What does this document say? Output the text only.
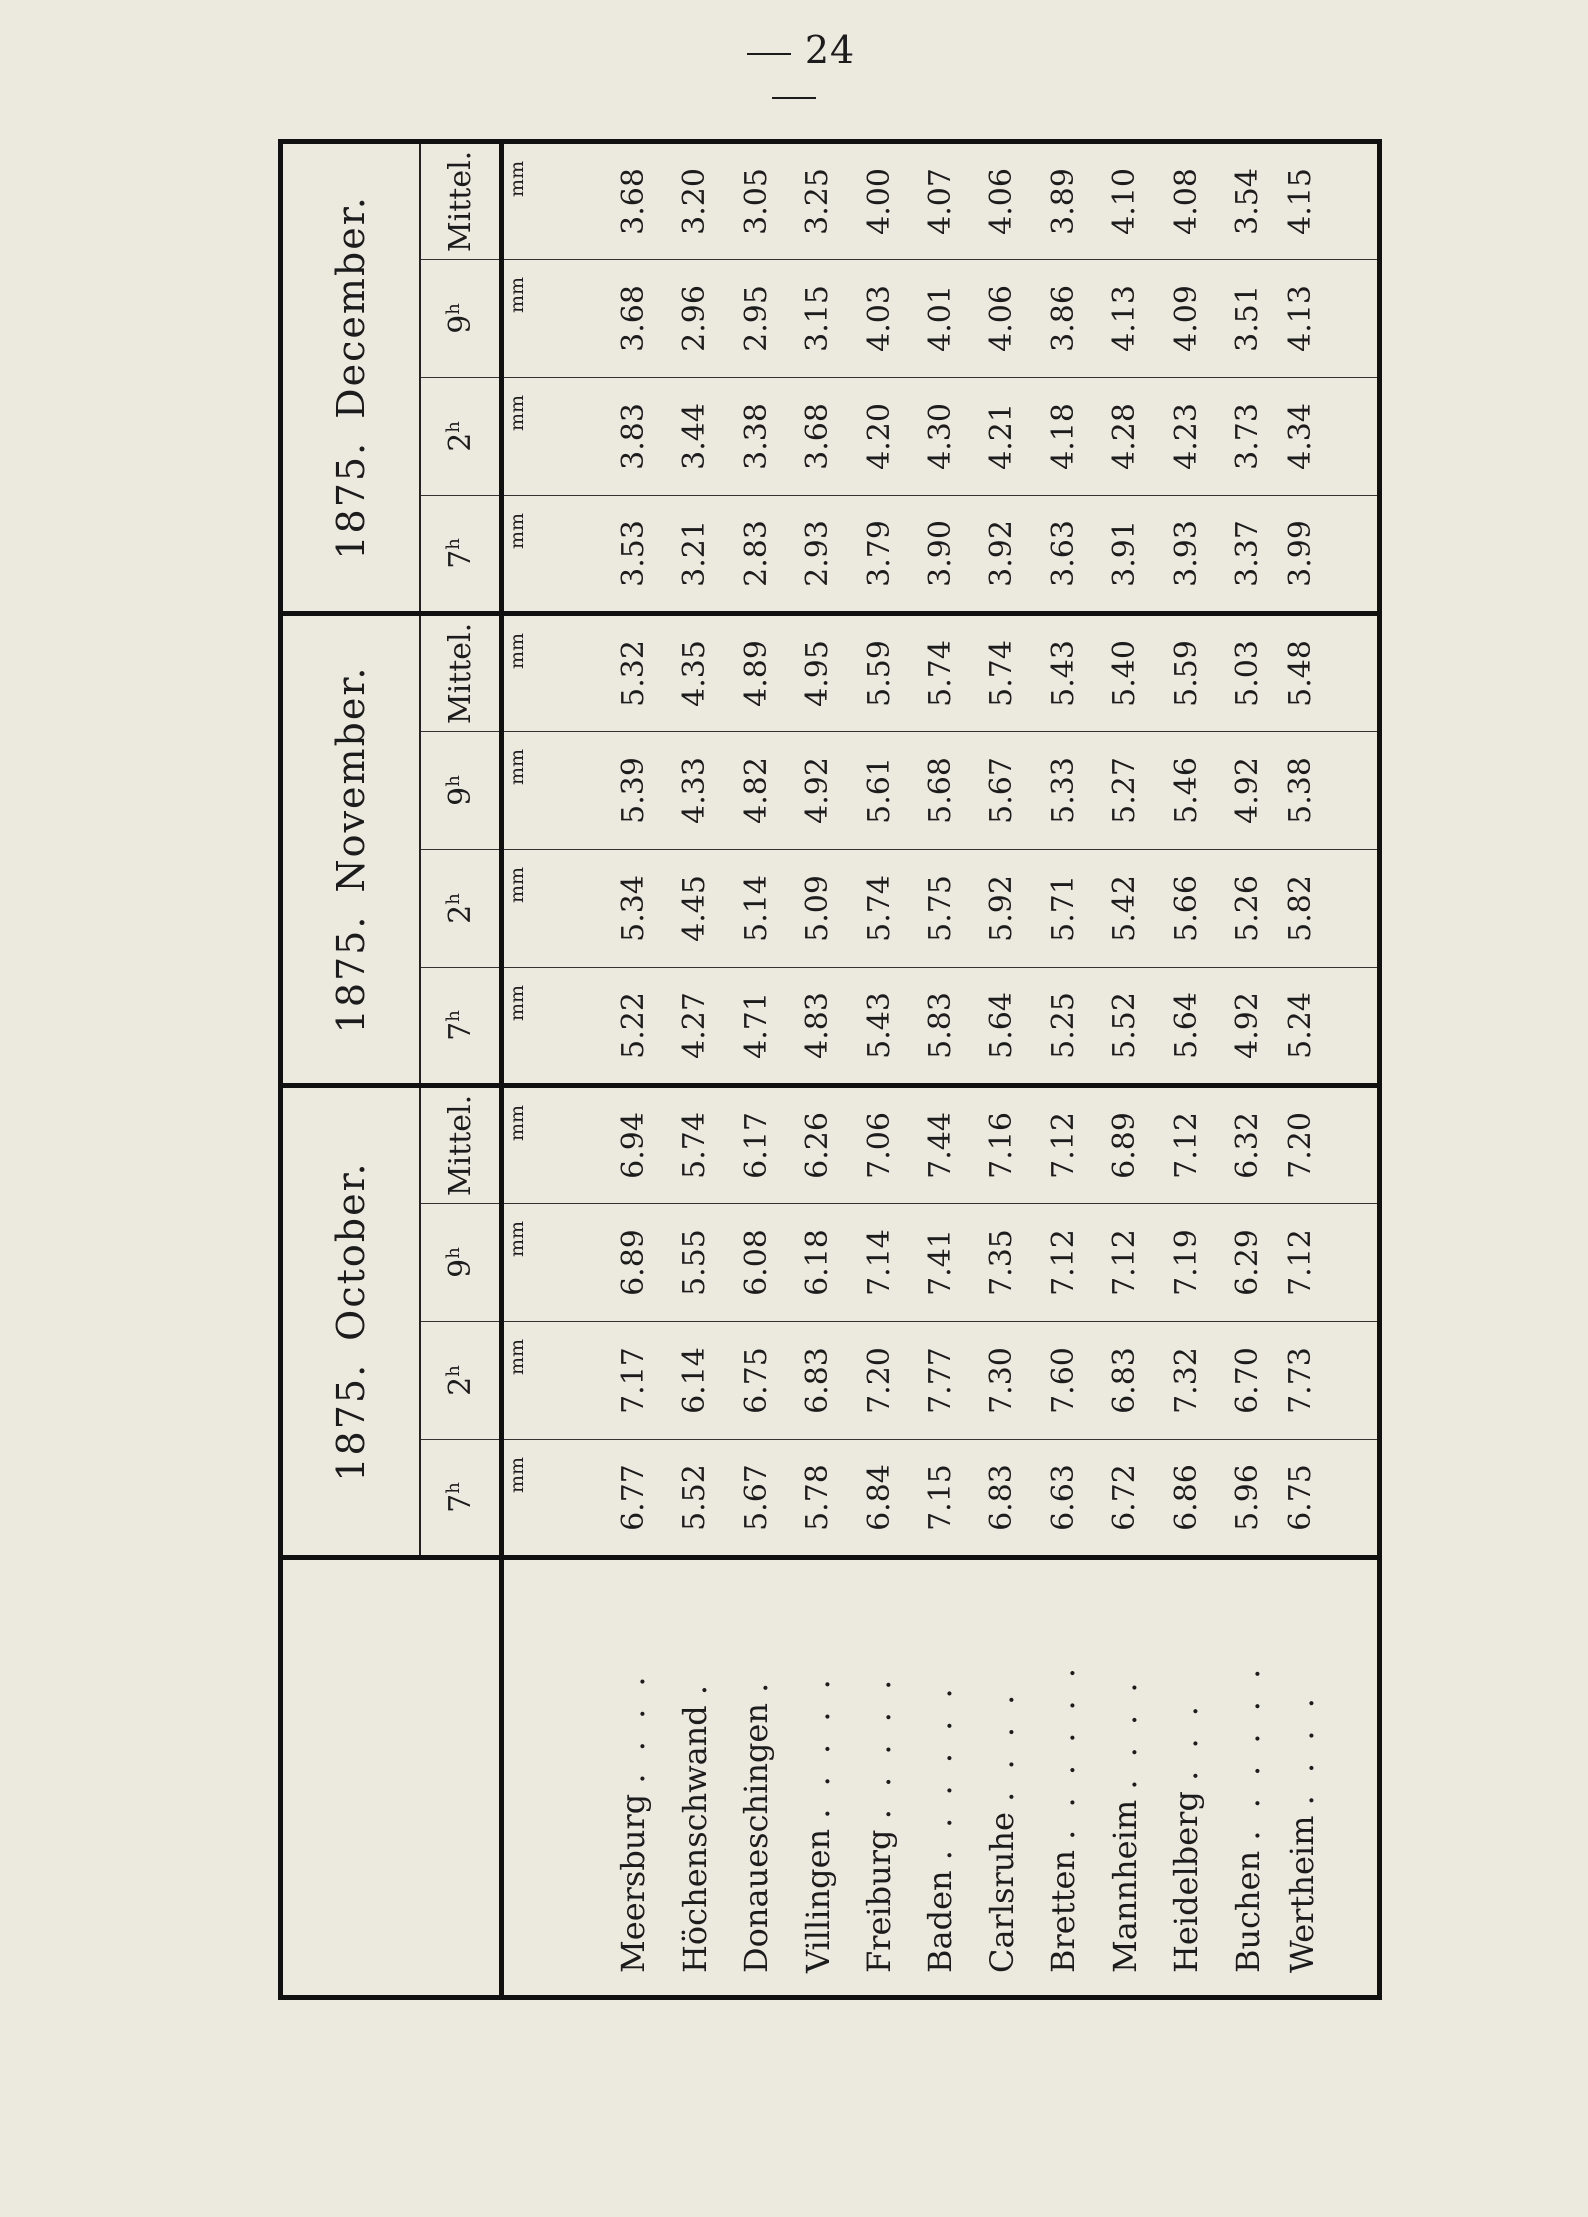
24
	1875.October.				1875.November.				1875.December.			
	7$^h$	2$^h$	9$^h$	Mittel.	7$^h$	2$^h$	9$^h$	Mittel.	7$^h$	2$^h$	9$^h$	Mittel.
	mm	mm	mm	mm	mm	mm	mm	mm	mm	mm	mm	mm
Meersburg . . . .	6.77	7.17	6.89	6.94	5.22	5.34	5.39	5.32	3.53	3.83	3.68	3.68
Höchenschwand .	5.52	6.14	5.55	5.74	4.27	4.45	4.33	4.35	3.21	3.44	2.96	3.20
Donaueschingen .	5.67	6.75	6.08	6.17	4.71	5.14	4.82	4.89	2.83	3.38	2.95	3.05
Villingen . . . . .	5.78	6.83	6.18	6.26	4.83	5.09	4.92	4.95	2.93	3.68	3.15	3.25
Freiburg . . . . .	6.84	7.20	7.14	7.06	5.43	5.74	5.61	5.59	3.79	4.20	4.03	4.00
Baden . . . . . .	7.15	7.77	7.41	7.44	5.83	5.75	5.68	5.74	3.90	4.30	4.01	4.07
Carlsruhe . . . .	6.83	7.30	7.35	7.16	5.64	5.92	5.67	5.74	3.92	4.21	4.06	4.06
Bretten . . . . . .	6.63	7.60	7.12	7.12	5.25	5.71	5.33	5.43	3.63	4.18	3.86	3.89
Mannheim . . . .	6.72	6.83	7.12	6.89	5.52	5.42	5.27	5.40	3.91	4.28	4.13	4.10
Heidelberg . . .	6.86	7.32	7.19	7.12	5.64	5.66	5.46	5.59	3.93	4.23	4.09	4.08
Buchen . . . . . .	5.96	6.70	6.29	6.32	4.92	5.26	4.92	5.03	3.37	3.73	3.51	3.54
Wertheim . . . .	6.75	7.73	7.12	7.20	5.24	5.82	5.38	5.48	3.99	4.34	4.13	4.15
